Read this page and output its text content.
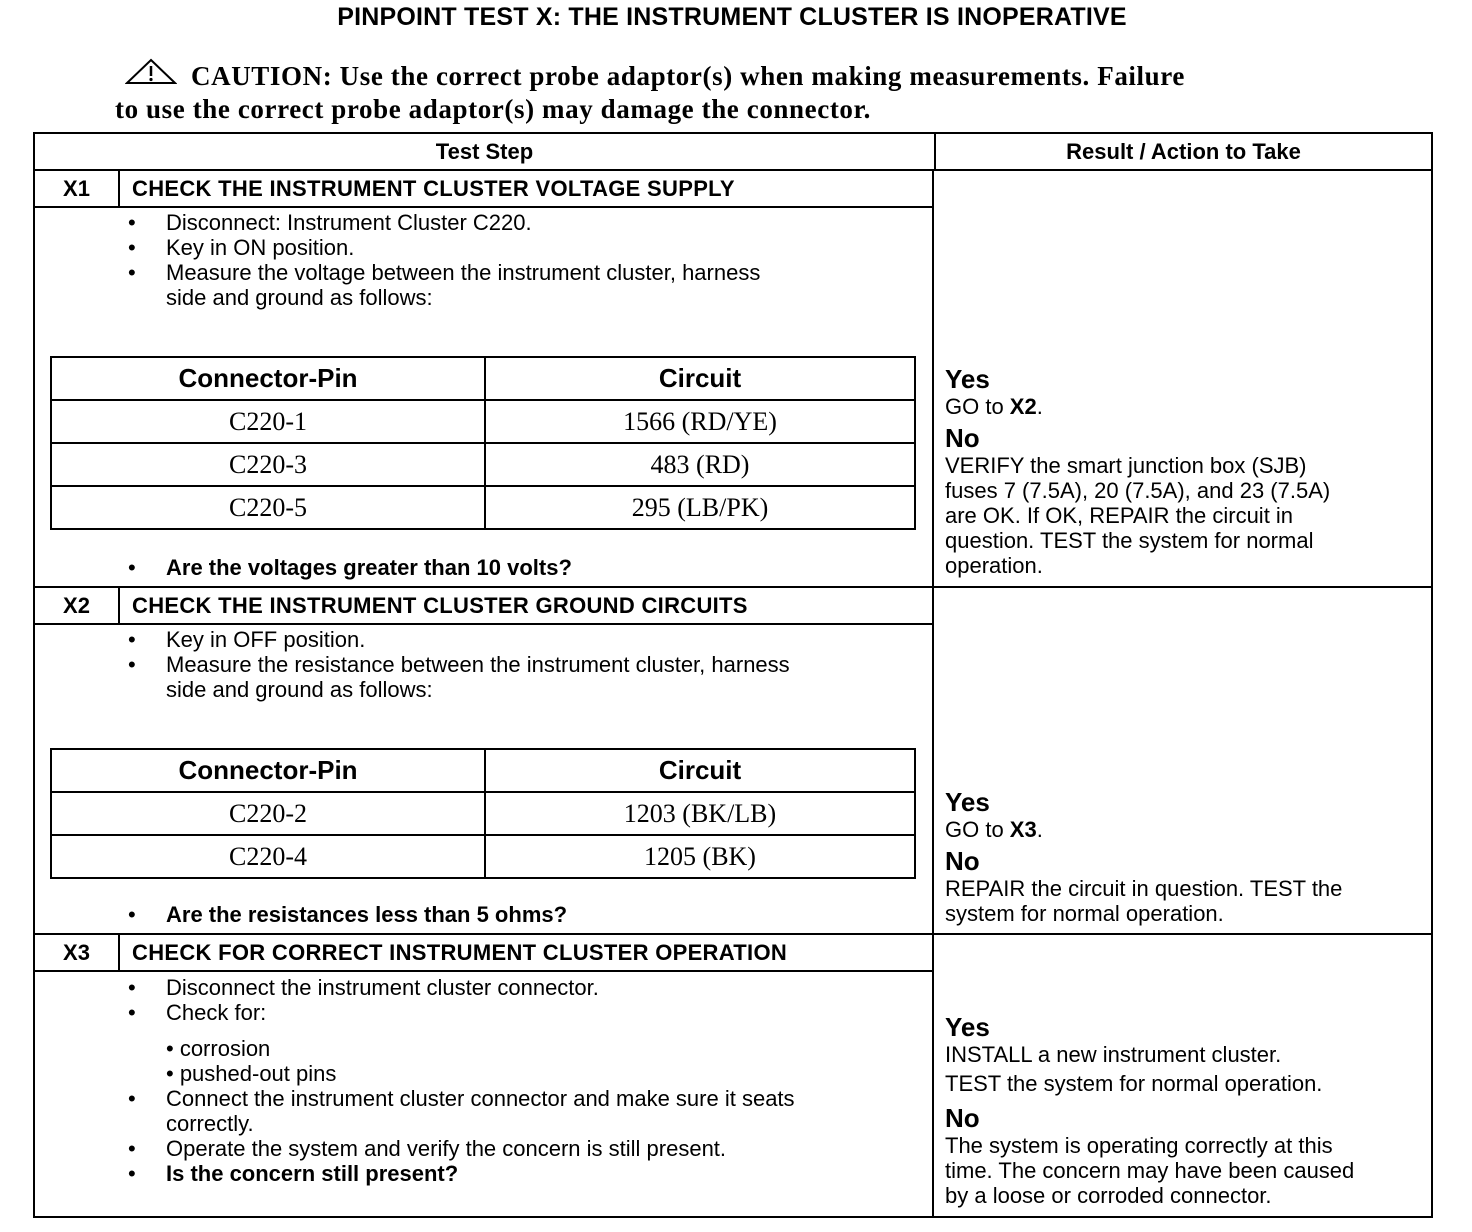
PINPOINT TEST X: THE INSTRUMENT CLUSTER IS INOPERATIVE
CAUTION: Use the correct probe adaptor(s) when making measurements. Failure
to use the correct probe adaptor(s) may damage the connector.
Test Step	Result / Action to Take
X1	CHECK THE INSTRUMENT CLUSTER VOLTAGE SUPPLY
• Disconnect: Instrument Cluster C220.
• Key in ON position.
• Measure the voltage between the instrument cluster, harness
side and ground as follows:
Connector-Pin	Circuit
C220-1	1566 (RD/YE)
C220-3	483 (RD)
C220-5	295 (LB/PK)
• Are the voltages greater than 10 volts?
Yes
GO to X2.
No
VERIFY the smart junction box (SJB)
fuses 7 (7.5A), 20 (7.5A), and 23 (7.5A)
are OK. If OK, REPAIR the circuit in
question. TEST the system for normal
operation.
X2	CHECK THE INSTRUMENT CLUSTER GROUND CIRCUITS
• Key in OFF position.
• Measure the resistance between the instrument cluster, harness
side and ground as follows:
Connector-Pin	Circuit
C220-2	1203 (BK/LB)
C220-4	1205 (BK)
• Are the resistances less than 5 ohms?
Yes
GO to X3.
No
REPAIR the circuit in question. TEST the
system for normal operation.
X3	CHECK FOR CORRECT INSTRUMENT CLUSTER OPERATION
• Disconnect the instrument cluster connector.
• Check for:
• corrosion
• pushed-out pins
• Connect the instrument cluster connector and make sure it seats
correctly.
• Operate the system and verify the concern is still present.
• Is the concern still present?
Yes
INSTALL a new instrument cluster.
TEST the system for normal operation.
No
The system is operating correctly at this
time. The concern may have been caused
by a loose or corroded connector.
